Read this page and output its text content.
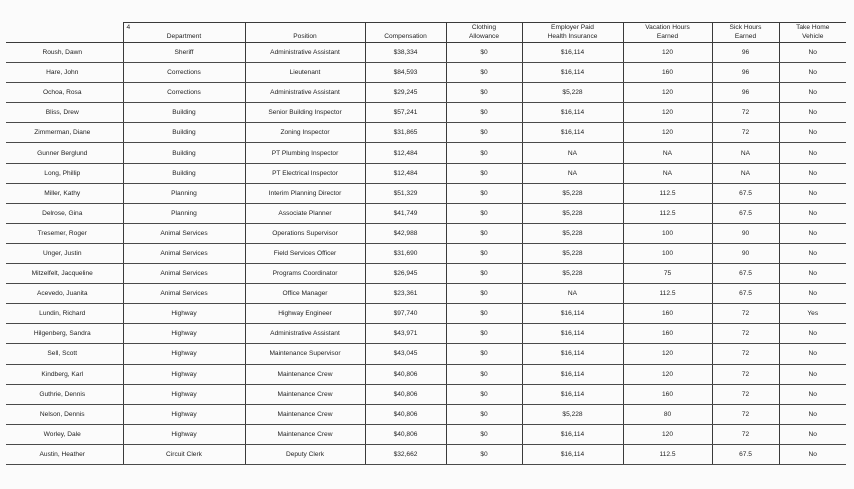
	4			Clothing	Employer Paid	Vacation Hours	Sick Hours	Take Home
	Department	Position	Compensation	Allowance	Health Insurance	Earned	Earned	Vehicle
Roush, Dawn	Sheriff	Administrative Assistant	$38,334	$0	$16,114	120	96	No
Hare, John	Corrections	Lieutenant	$84,593	$0	$16,114	160	96	No
Ochoa, Rosa	Corrections	Administrative Assistant	$29,245	$0	$5,228	120	96	No
Bliss, Drew	Building	Senior Building Inspector	$57,241	$0	$16,114	120	72	No
Zimmerman, Diane	Building	Zoning Inspector	$31,865	$0	$16,114	120	72	No
Gunner Berglund	Building	PT Plumbing Inspector	$12,484	$0	NA	NA	NA	No
Long, Phillip	Building	PT Electrical Inspector	$12,484	$0	NA	NA	NA	No
Miller, Kathy	Planning	Interim Planning Director	$51,329	$0	$5,228	112.5	67.5	No
Delrose, Gina	Planning	Associate Planner	$41,749	$0	$5,228	112.5	67.5	No
Tresemer, Roger	Animal Services	Operations Supervisor	$42,988	$0	$5,228	100	90	No
Unger, Justin	Animal Services	Field Services Officer	$31,690	$0	$5,228	100	90	No
Mitzelfelt, Jacqueline	Animal Services	Programs Coordinator	$26,945	$0	$5,228	75	67.5	No
Acevedo, Juanita	Animal Services	Office Manager	$23,361	$0	NA	112.5	67.5	No
Lundin, Richard	Highway	Highway Engineer	$97,740	$0	$16,114	160	72	Yes
Hilgenberg, Sandra	Highway	Administrative Assistant	$43,971	$0	$16,114	160	72	No
Sell, Scott	Highway	Maintenance Supervisor	$43,045	$0	$16,114	120	72	No
Kindberg, Karl	Highway	Maintenance Crew	$40,806	$0	$16,114	120	72	No
Guthrie, Dennis	Highway	Maintenance Crew	$40,806	$0	$16,114	160	72	No
Nelson, Dennis	Highway	Maintenance Crew	$40,806	$0	$5,228	80	72	No
Worley, Dale	Highway	Maintenance Crew	$40,806	$0	$16,114	120	72	No
Austin, Heather	Circuit Clerk	Deputy Clerk	$32,662	$0	$16,114	112.5	67.5	No
